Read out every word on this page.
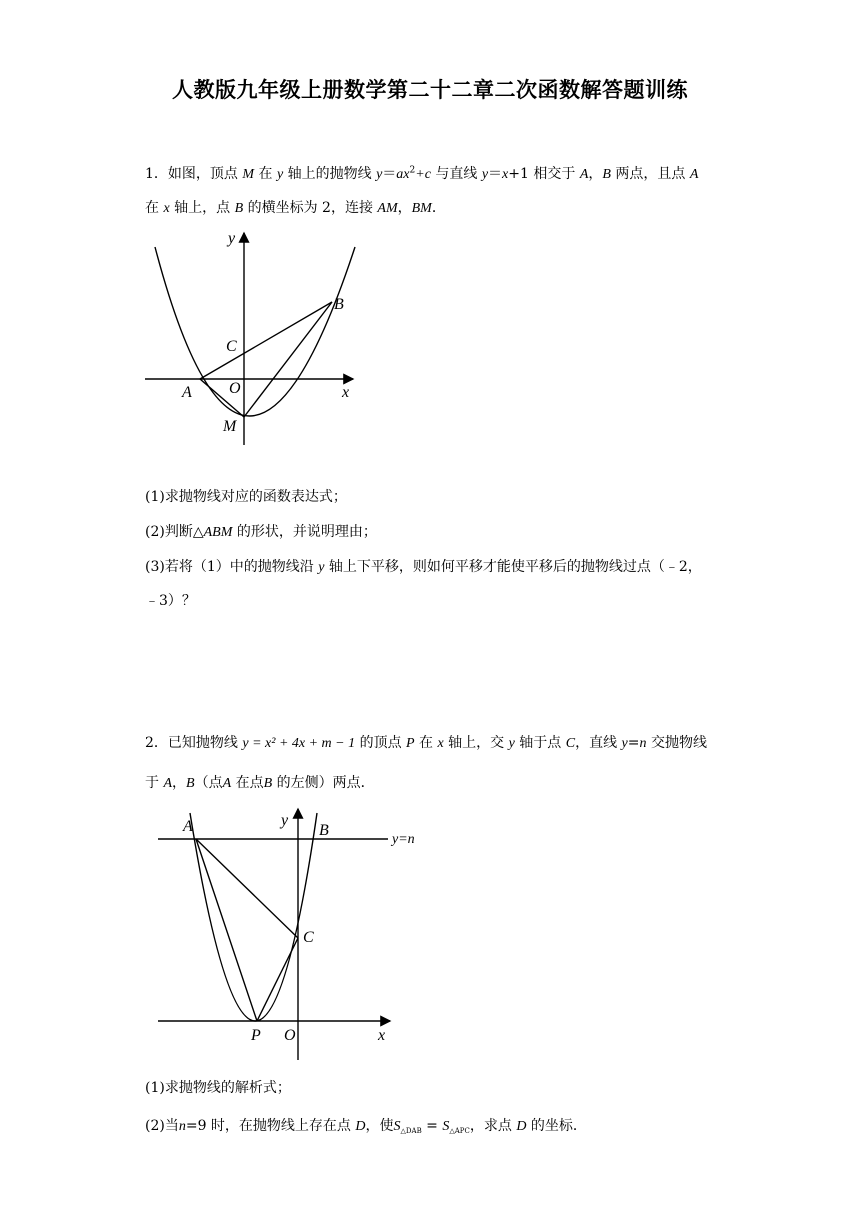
人教版九年级上册数学第二十二章二次函数解答题训练
1．如图，顶点 M 在 y 轴上的抛物线 $y=ax^2+c$ 与直线 y＝x+1 相交于 A，B 两点，且点 A
在 x 轴上，点 B 的横坐标为 2，连接 AM，BM．
y
B
C
A O	x
M
(1)求抛物线对应的函数表达式；
(2)判断△ABM 的形状，并说明理由；
(3)若将（1）中的抛物线沿 y 轴上下平移，则如何平移才能使平移后的抛物线过点（﹣2，
﹣3）？
2．已知抛物线 y = x² + 4x + m − 1 的顶点 P 在 x 轴上，交 y 轴于点 C，直线 y=n 交抛物线
于 A，B（点A 在点B 的左侧）两点．
A	y
B
y=n
C
P O	x
(1)求抛物线的解析式；
(2)当n=9 时，在抛物线上存在点 D，使$S_{\triangle DAB} = S_{\triangle APC}$，求点 D 的坐标．
